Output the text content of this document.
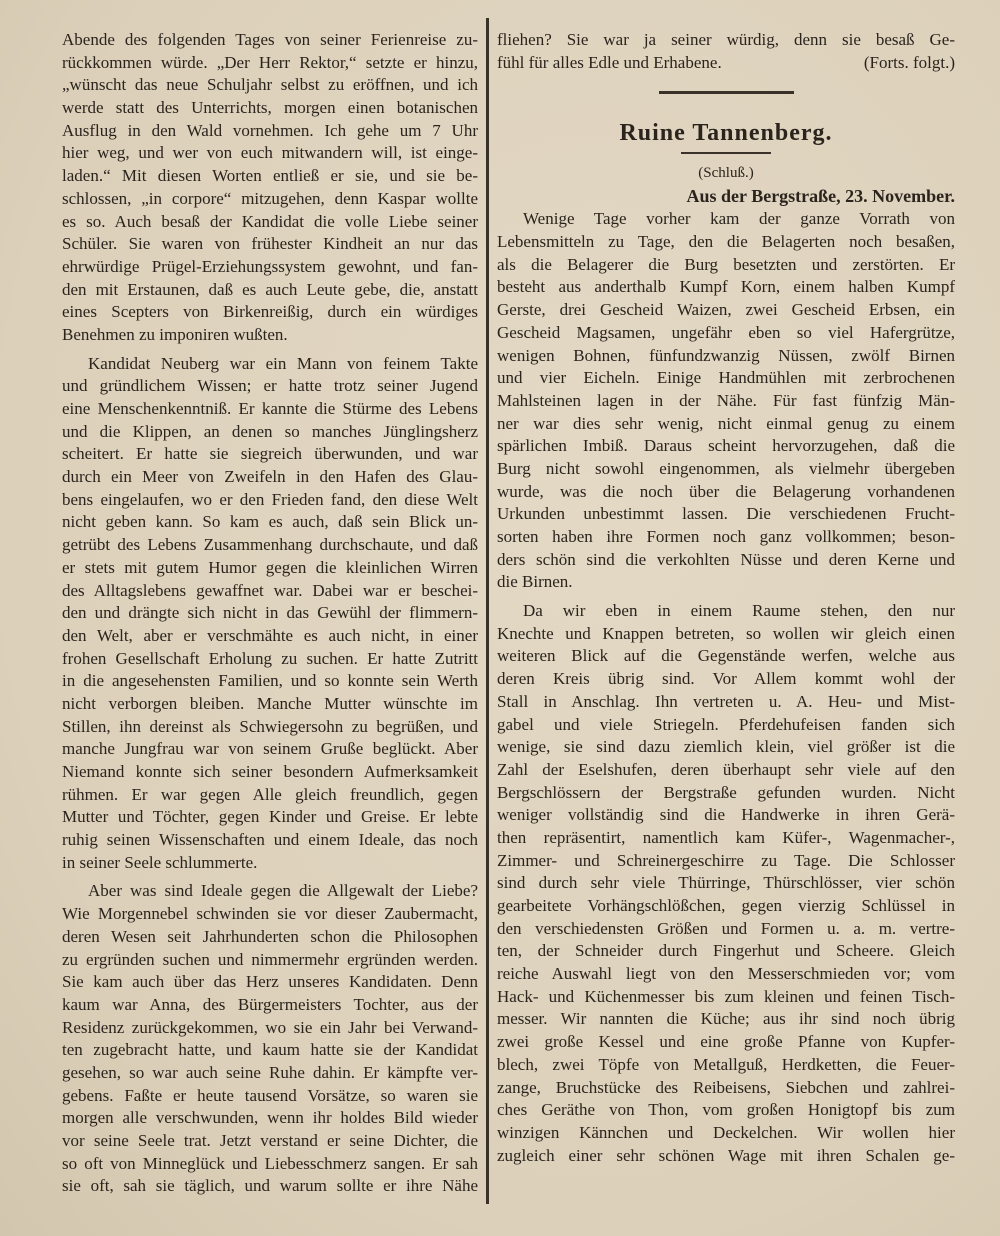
Abende des folgenden Tages von seiner Ferienreise zu-
rückkommen würde. „Der Herr Rektor,“ setzte er hinzu,
„wünscht das neue Schuljahr selbst zu eröffnen, und ich
werde statt des Unterrichts, morgen einen botanischen
Ausflug in den Wald vornehmen. Ich gehe um 7 Uhr
hier weg, und wer von euch mitwandern will, ist einge-
laden.“ Mit diesen Worten entließ er sie, und sie be-
schlossen, „in corpore“ mitzugehen, denn Kaspar wollte
es so. Auch besaß der Kandidat die volle Liebe seiner
Schüler. Sie waren von frühester Kindheit an nur das
ehrwürdige Prügel-Erziehungssystem gewohnt, und fan-
den mit Erstaunen, daß es auch Leute gebe, die, anstatt
eines Scepters von Birkenreißig, durch ein würdiges
Benehmen zu imponiren wußten.
Kandidat Neuberg war ein Mann von feinem Takte
und gründlichem Wissen; er hatte trotz seiner Jugend
eine Menschenkenntniß. Er kannte die Stürme des Lebens
und die Klippen, an denen so manches Jünglingsherz
scheitert. Er hatte sie siegreich überwunden, und war
durch ein Meer von Zweifeln in den Hafen des Glau-
bens eingelaufen, wo er den Frieden fand, den diese Welt
nicht geben kann. So kam es auch, daß sein Blick un-
getrübt des Lebens Zusammenhang durchschaute, und daß
er stets mit gutem Humor gegen die kleinlichen Wirren
des Alltagslebens gewaffnet war. Dabei war er beschei-
den und drängte sich nicht in das Gewühl der flimmern-
den Welt, aber er verschmähte es auch nicht, in einer
frohen Gesellschaft Erholung zu suchen. Er hatte Zutritt
in die angesehensten Familien, und so konnte sein Werth
nicht verborgen bleiben. Manche Mutter wünschte im
Stillen, ihn dereinst als Schwiegersohn zu begrüßen, und
manche Jungfrau war von seinem Gruße beglückt. Aber
Niemand konnte sich seiner besondern Aufmerksamkeit
rühmen. Er war gegen Alle gleich freundlich, gegen
Mutter und Töchter, gegen Kinder und Greise. Er lebte
ruhig seinen Wissenschaften und einem Ideale, das noch
in seiner Seele schlummerte.
Aber was sind Ideale gegen die Allgewalt der Liebe?
Wie Morgennebel schwinden sie vor dieser Zaubermacht,
deren Wesen seit Jahrhunderten schon die Philosophen
zu ergründen suchen und nimmermehr ergründen werden.
Sie kam auch über das Herz unseres Kandidaten. Denn
kaum war Anna, des Bürgermeisters Tochter, aus der
Residenz zurückgekommen, wo sie ein Jahr bei Verwand-
ten zugebracht hatte, und kaum hatte sie der Kandidat
gesehen, so war auch seine Ruhe dahin. Er kämpfte ver-
gebens. Faßte er heute tausend Vorsätze, so waren sie
morgen alle verschwunden, wenn ihr holdes Bild wieder
vor seine Seele trat. Jetzt verstand er seine Dichter, die
so oft von Minneglück und Liebesschmerz sangen. Er sah
sie oft, sah sie täglich, und warum sollte er ihre Nähe
fliehen? Sie war ja seiner würdig, denn sie besaß Ge-
fühl für alles Edle und Erhabene.	(Forts. folgt.)
Ruine Tannenberg.
(Schluß.)
Aus der Bergstraße, 23. November.
Wenige Tage vorher kam der ganze Vorrath von
Lebensmitteln zu Tage, den die Belagerten noch besaßen,
als die Belagerer die Burg besetzten und zerstörten. Er
besteht aus anderthalb Kumpf Korn, einem halben Kumpf
Gerste, drei Gescheid Waizen, zwei Gescheid Erbsen, ein
Gescheid Magsamen, ungefähr eben so viel Hafergrütze,
wenigen Bohnen, fünfundzwanzig Nüssen, zwölf Birnen
und vier Eicheln. Einige Handmühlen mit zerbrochenen
Mahlsteinen lagen in der Nähe. Für fast fünfzig Män-
ner war dies sehr wenig, nicht einmal genug zu einem
spärlichen Imbiß. Daraus scheint hervorzugehen, daß die
Burg nicht sowohl eingenommen, als vielmehr übergeben
wurde, was die noch über die Belagerung vorhandenen
Urkunden unbestimmt lassen. Die verschiedenen Frucht-
sorten haben ihre Formen noch ganz vollkommen; beson-
ders schön sind die verkohlten Nüsse und deren Kerne und
die Birnen.
Da wir eben in einem Raume stehen, den nur
Knechte und Knappen betreten, so wollen wir gleich einen
weiteren Blick auf die Gegenstände werfen, welche aus
deren Kreis übrig sind. Vor Allem kommt wohl der
Stall in Anschlag. Ihn vertreten u. A. Heu- und Mist-
gabel und viele Striegeln. Pferdehufeisen fanden sich
wenige, sie sind dazu ziemlich klein, viel größer ist die
Zahl der Eselshufen, deren überhaupt sehr viele auf den
Bergschlössern der Bergstraße gefunden wurden. Nicht
weniger vollständig sind die Handwerke in ihren Gerä-
then repräsentirt, namentlich kam Küfer-, Wagenmacher-,
Zimmer- und Schreinergeschirre zu Tage. Die Schlosser
sind durch sehr viele Thürringe, Thürschlösser, vier schön
gearbeitete Vorhängschlößchen, gegen vierzig Schlüssel in
den verschiedensten Größen und Formen u. a. m. vertre-
ten, der Schneider durch Fingerhut und Scheere. Gleich
reiche Auswahl liegt von den Messerschmieden vor; vom
Hack- und Küchenmesser bis zum kleinen und feinen Tisch-
messer. Wir nannten die Küche; aus ihr sind noch übrig
zwei große Kessel und eine große Pfanne von Kupfer-
blech, zwei Töpfe von Metallguß, Herdketten, die Feuer-
zange, Bruchstücke des Reibeisens, Siebchen und zahlrei-
ches Geräthe von Thon, vom großen Honigtopf bis zum
winzigen Kännchen und Deckelchen. Wir wollen hier
zugleich einer sehr schönen Wage mit ihren Schalen ge-
